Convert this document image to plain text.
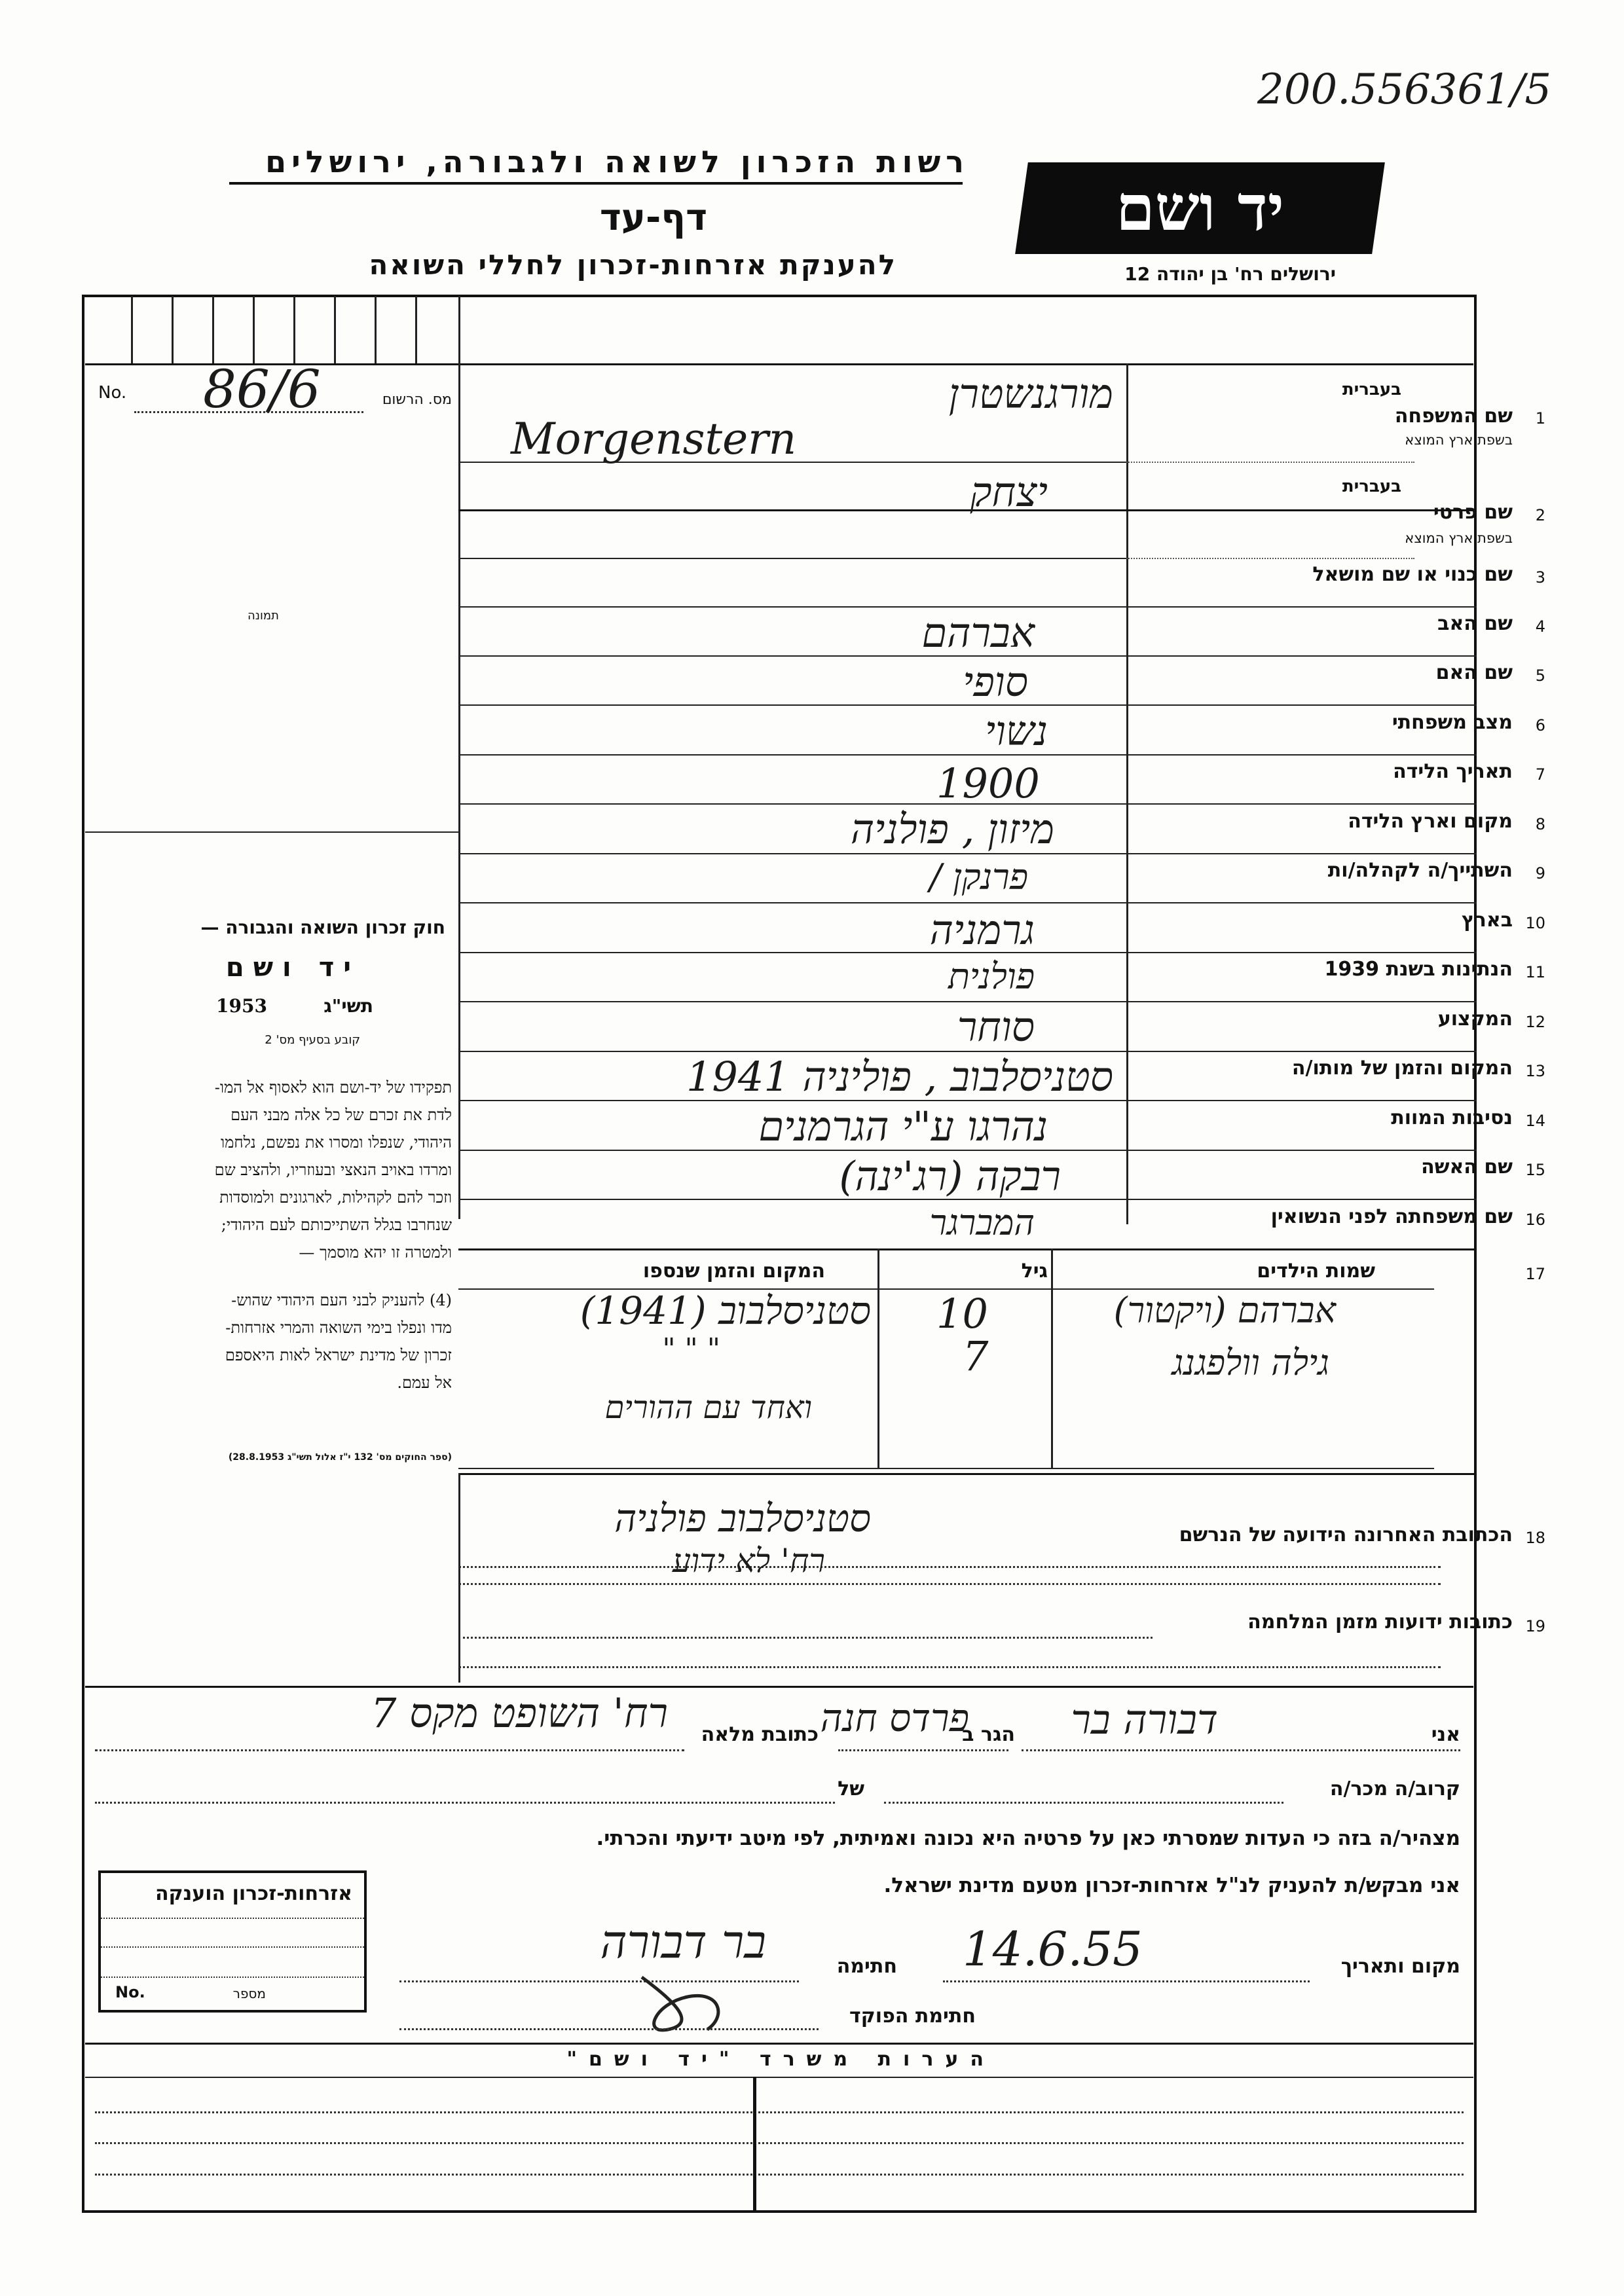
200.556361/5
רשות הזכרון לשואה ולגבורה, ירושלים
דף-עד
להענקת אזרחות-זכרון לחללי השואה
יד ושם
ירושלים רח' בן יהודה 12
No. 86/6	מס. הרשום
תמונה
חוק זכרון השואה והגבורה —
יד ושם
תשי"ג
1953
קובע בסעיף מס' 2
תפקידו של יד-ושם הוא לאסוף אל המו-
לדת את זכרם של כל אלה מבני העם
היהודי, שנפלו ומסרו את נפשם, נלחמו
ומרדו באויב הנאצי ובעוזריו, ולהציב שם
וזכר להם לקהילות, לארגונים ולמוסדות
שנחרבו בגלל השתייכותם לעם היהודי;
ולמטרה זו יהא מוסמך —
(4) להעניק לבני העם היהודי שהוש-
מדו ונפלו בימי השואה והמרי אזרחות-
זכרון של מדינת ישראל לאות היאספם
אל עמם.
(ספר החוקים מס' 132 י"ז אלול תשי"ג 28.8.1953)
1
שם המשפחה
בעברית
בשפת ארץ המוצא
מורגנשטרן
Morgenstern
2
שם פרטי
בעברית
בשפת ארץ המוצא
יצחק
3
שם כנוי או שם מושאל
4
שם האב
אברהם
5
שם האם
סופי
6
מצב משפחתי
נשוי
7
תאריך הלידה
1900
8
מקום וארץ הלידה
מיזון , פולניה
9
השתייך/ה לקהלה/ות
פרנקן /
10
בארץ
גרמניה
11
הנתינות בשנת 1939
פולנית
12
המקצוע
סוחר
13
המקום והזמן של מותו/ה
סטניסלבוב , פוליניה 1941
14
נסיבות המוות
נהרגו ע"י הגרמנים
15
שם האשה
רבקה (רג'ינה)
16
שם משפחתה לפני הנשואין
המברגר
17
שמות הילדים
גיל
המקום והזמן שנספו
אברהם (ויקטור)
10
סטניסלבוב (1941)
גילה וולפגנג
7
" " "
ואחד עם ההורים
18
הכתובת האחרונה הידועה של הנרשם
סטניסלבוב פולניה
רח' לא ידוע
19
כתובות ידועות מזמן המלחמה
אני
דבורה בר
הגר ב
פרדס חנה
כתובת מלאה
רח' השופט מקס 7
קרוב/ה מכר/ה
של
מצהיר/ה בזה כי העדות שמסרתי כאן על פרטיה היא נכונה ואמיתית, לפי מיטב ידיעתי והכרתי.
אני מבקש/ת להעניק לנ"ל אזרחות-זכרון מטעם מדינת ישראל.
מקום ותאריך
14.6.55
חתימה
בר דבורה
חתימת הפוקד
אזרחות-זכרון הוענקה
No.	מספר
הערות משרד "יד ושם"
